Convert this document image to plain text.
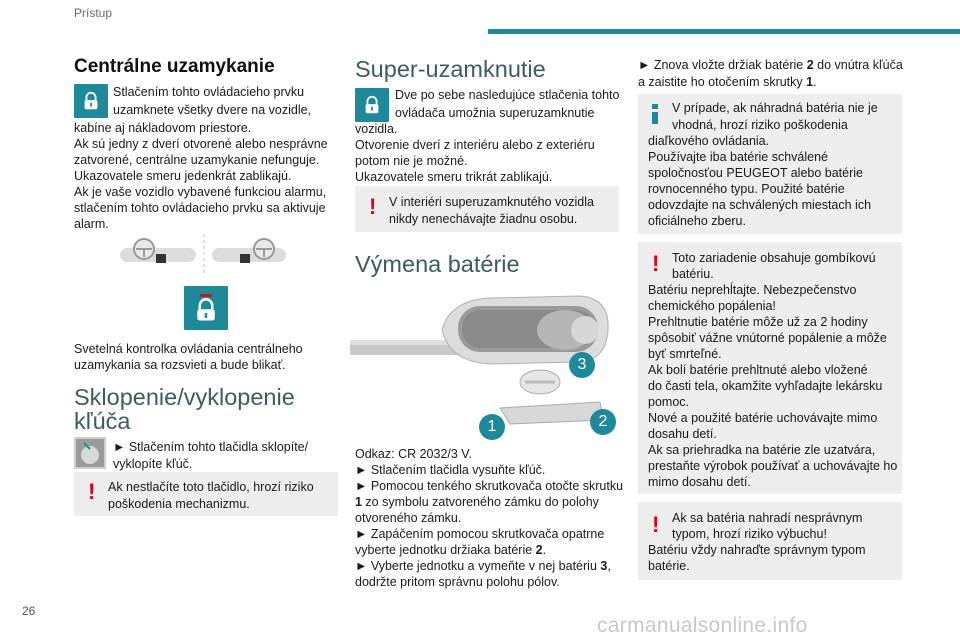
Prístup
26
carmanualsonline.info
Centrálne uzamykanie
Stlačením tohto ovládacieho prvku
uzamknete všetky dvere na vozidle,
kabíne aj nákladovom priestore.
Ak sú jedny z dverí otvorené alebo nesprávne
zatvorené, centrálne uzamykanie nefunguje.
Ukazovatele smeru jedenkrát zablikajú.
Ak je vaše vozidlo vybavené funkciou alarmu,
stlačením tohto ovládacieho prvku sa aktivuje
alarm.
Svetelná kontrolka ovládania centrálneho
uzamykania sa rozsvieti a bude blikať.
Sklopenie/vyklopenie
kľúča
► Stlačením tohto tlačidla sklopíte/
vyklopíte kľúč.
! Ak nestlačíte toto tlačidlo, hrozí riziko
poškodenia mechanizmu.
Super-uzamknutie
Dve po sebe nasledujúce stlačenia tohto
ovládača umožnia superuzamknutie
vozidla.
Otvorenie dverí z interiéru alebo z exteriéru
potom nie je možné.
Ukazovatele smeru trikrát zablikajú.
! V interiéri superuzamknutého vozidla
nikdy nenechávajte žiadnu osobu.
Výmena batérie
3
2
1
Odkaz: CR 2032/3 V.
► Stlačením tlačidla vysuňte kľúč.
► Pomocou tenkého skrutkovača otočte skrutku
1 zo symbolu zatvoreného zámku do polohy
otvoreného zámku.
► Zapáčením pomocou skrutkovača opatrne
vyberte jednotku držiaka batérie 2.
► Vyberte jednotku a vymeňte v nej batériu 3,
dodržte pritom správnu polohu pólov.
► Znova vložte držiak batérie 2 do vnútra kľúča
a zaistite ho otočením skrutky 1.
V prípade, ak náhradná batéria nie je
vhodná, hrozí riziko poškodenia
diaľkového ovládania.
Používajte iba batérie schválené
spoločnosťou PEUGEOT alebo batérie
rovnocenného typu. Použité batérie
odovzdajte na schválených miestach ich
oficiálneho zberu.
! Toto zariadenie obsahuje gombíkovú
batériu.
Batériu neprehĺtajte. Nebezpečenstvo
chemického popálenia!
Prehltnutie batérie môže už za 2 hodiny
spôsobiť vážne vnútorné popálenie a môže
byť smrteľné.
Ak bolí batérie prehltnuté alebo vložené
do časti tela, okamžite vyhľadajte lekársku
pomoc.
Nové a použité batérie uchovávajte mimo
dosahu detí.
Ak sa priehradka na batérie zle uzatvára,
prestaňte výrobok používať a uchovávajte ho
mimo dosahu detí.
! Ak sa batéria nahradí nesprávnym
typom, hrozí riziko výbuchu!
Batériu vždy nahraďte správnym typom
batérie.
